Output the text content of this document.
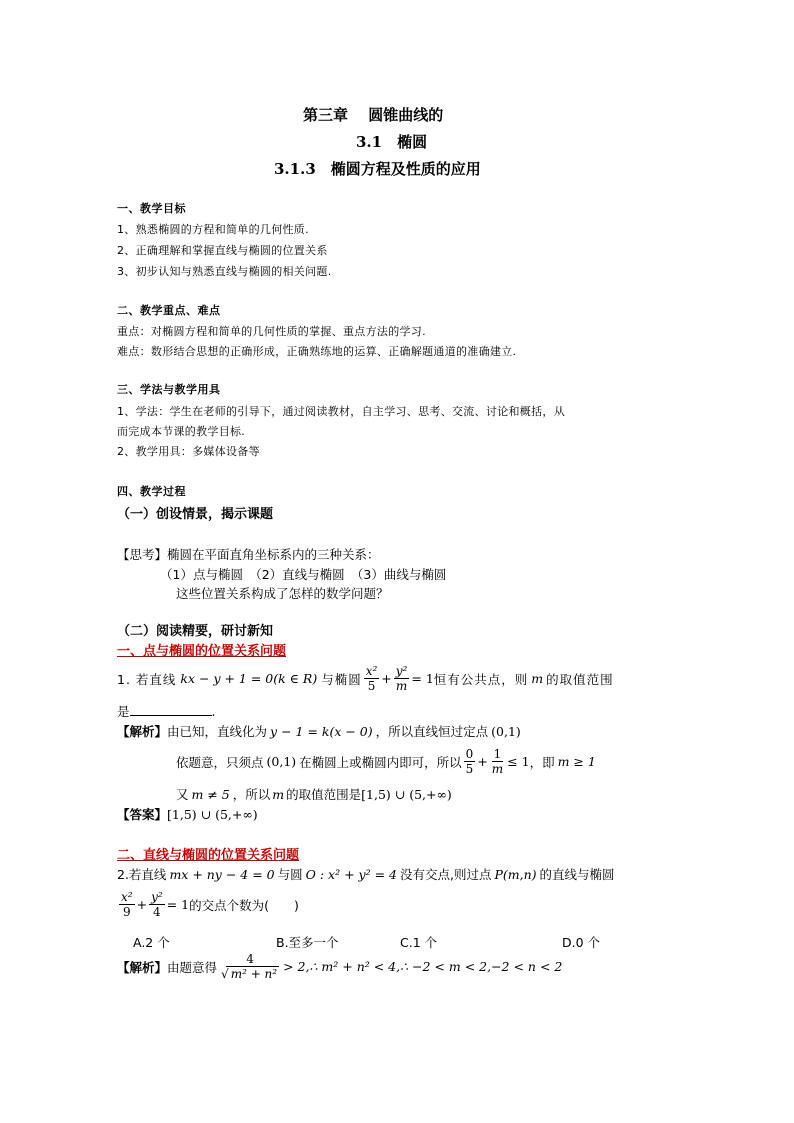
第三章　 圆锥曲线的
3.1　椭圆
3.1.3　椭圆方程及性质的应用
一、教学目标
1、熟悉椭圆的方程和简单的几何性质.
2、正确理解和掌握直线与椭圆的位置关系
3、初步认知与熟悉直线与椭圆的相关问题.
二、教学重点、难点
重点：对椭圆方程和简单的几何性质的掌握、重点方法的学习.
难点：数形结合思想的正确形成，正确熟练地的运算、正确解题通道的准确建立.
三、学法与教学用具
1、学法：学生在老师的引导下，通过阅读教材，自主学习、思考、交流、讨论和概括，从
而完成本节课的教学目标.
2、教学用具：多媒体设备等
四、教学过程
（一）创设情景，揭示课题
【思考】椭圆在平面直角坐标系内的三种关系：
（1）点与椭圆　（2）直线与椭圆　（3）曲线与椭圆
这些位置关系构成了怎样的数学问题？
（二）阅读精要，研讨新知
一、点与椭圆的位置关系问题
1. 若直线 kx − y + 1 = 0(k ∈ R) 与椭圆 $\frac{\text{x²}}{5} + \frac{\text{y²}}{m} = 1$ 恒有公共点，则 m 的取值范围
是	.
【解析】由已知，直线化为 y − 1 = k(x − 0) ，所以直线恒过定点 (0,1)
依题意，只须点 (0,1) 在椭圆上或椭圆内即可，所以 $\frac{0}{5} + \frac{1}{m} \le 1$ ，即 m ≥ 1
又 m ≠ 5 ，所以 m 的取值范围是[1,5) ∪ (5,+∞)
【答案】[1,5) ∪ (5,+∞)
二、直线与椭圆的位置关系问题
2.若直线 mx + ny − 4 = 0 与圆 O : x² + y² = 4 没有交点,则过点 P(m,n) 的直线与椭圆
$\frac{\text{x²}}{9} + \frac{\text{y²}}{4} = 1$ 的交点个数为(　　)
A.2 个	B.至多一个	C.1 个	D.0 个
【解析】 由题意得 $\frac{4}{\text{√ m² + n²}}$ > 2,∴ m² + n² < 4,∴ −2 < m < 2,−2 < n < 2
